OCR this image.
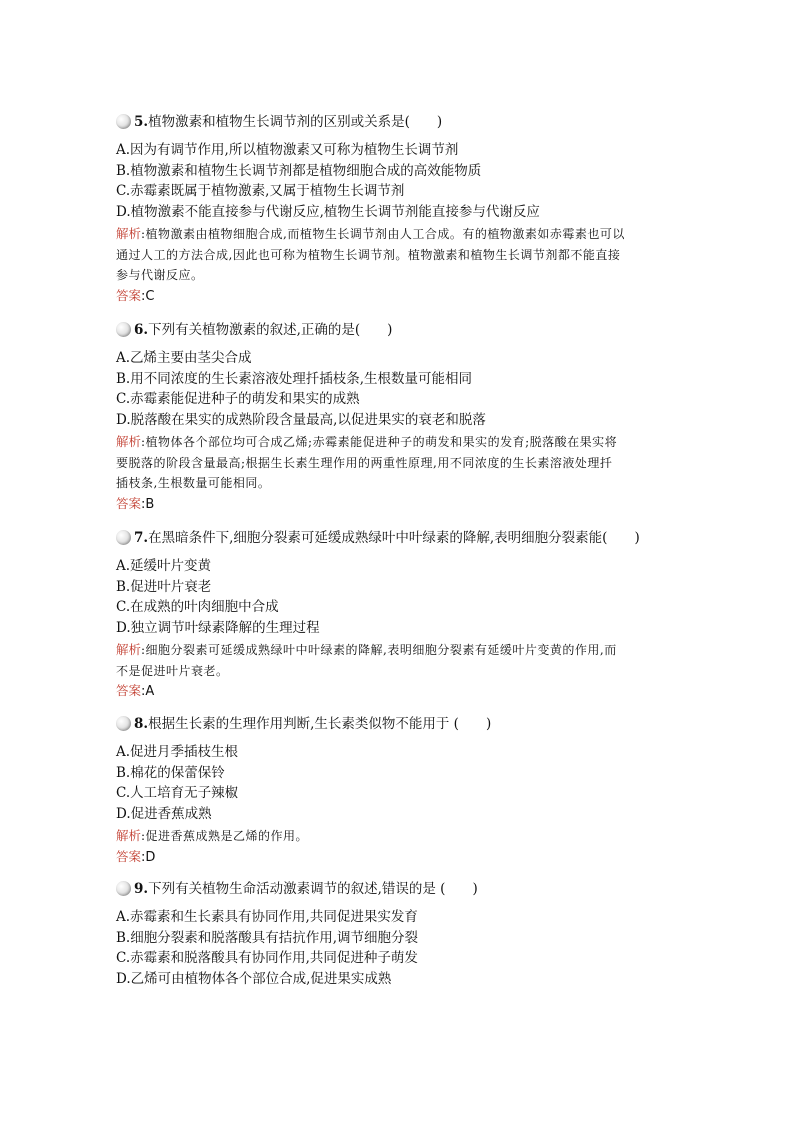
5.植物激素和植物生长调节剂的区别或关系是(　　)
A.因为有调节作用,所以植物激素又可称为植物生长调节剂
B.植物激素和植物生长调节剂都是植物细胞合成的高效能物质
C.赤霉素既属于植物激素,又属于植物生长调节剂
D.植物激素不能直接参与代谢反应,植物生长调节剂能直接参与代谢反应
解析:植物激素由植物细胞合成,而植物生长调节剂由人工合成。有的植物激素如赤霉素也可以
通过人工的方法合成,因此也可称为植物生长调节剂。植物激素和植物生长调节剂都不能直接
参与代谢反应。
答案:C
6.下列有关植物激素的叙述,正确的是(　　)
A.乙烯主要由茎尖合成
B.用不同浓度的生长素溶液处理扦插枝条,生根数量可能相同
C.赤霉素能促进种子的萌发和果实的成熟
D.脱落酸在果实的成熟阶段含量最高,以促进果实的衰老和脱落
解析:植物体各个部位均可合成乙烯;赤霉素能促进种子的萌发和果实的发育;脱落酸在果实将
要脱落的阶段含量最高;根据生长素生理作用的两重性原理,用不同浓度的生长素溶液处理扦
插枝条,生根数量可能相同。
答案:B
7.在黑暗条件下,细胞分裂素可延缓成熟绿叶中叶绿素的降解,表明细胞分裂素能(　　)
A.延缓叶片变黄
B.促进叶片衰老
C.在成熟的叶肉细胞中合成
D.独立调节叶绿素降解的生理过程
解析:细胞分裂素可延缓成熟绿叶中叶绿素的降解,表明细胞分裂素有延缓叶片变黄的作用,而
不是促进叶片衰老。
答案:A
8.根据生长素的生理作用判断,生长素类似物不能用于 (　　)
A.促进月季插枝生根
B.棉花的保蕾保铃
C.人工培育无子辣椒
D.促进香蕉成熟
解析:促进香蕉成熟是乙烯的作用。
答案:D
9.下列有关植物生命活动激素调节的叙述,错误的是 (　　)
A.赤霉素和生长素具有协同作用,共同促进果实发育
B.细胞分裂素和脱落酸具有拮抗作用,调节细胞分裂
C.赤霉素和脱落酸具有协同作用,共同促进种子萌发
D.乙烯可由植物体各个部位合成,促进果实成熟
